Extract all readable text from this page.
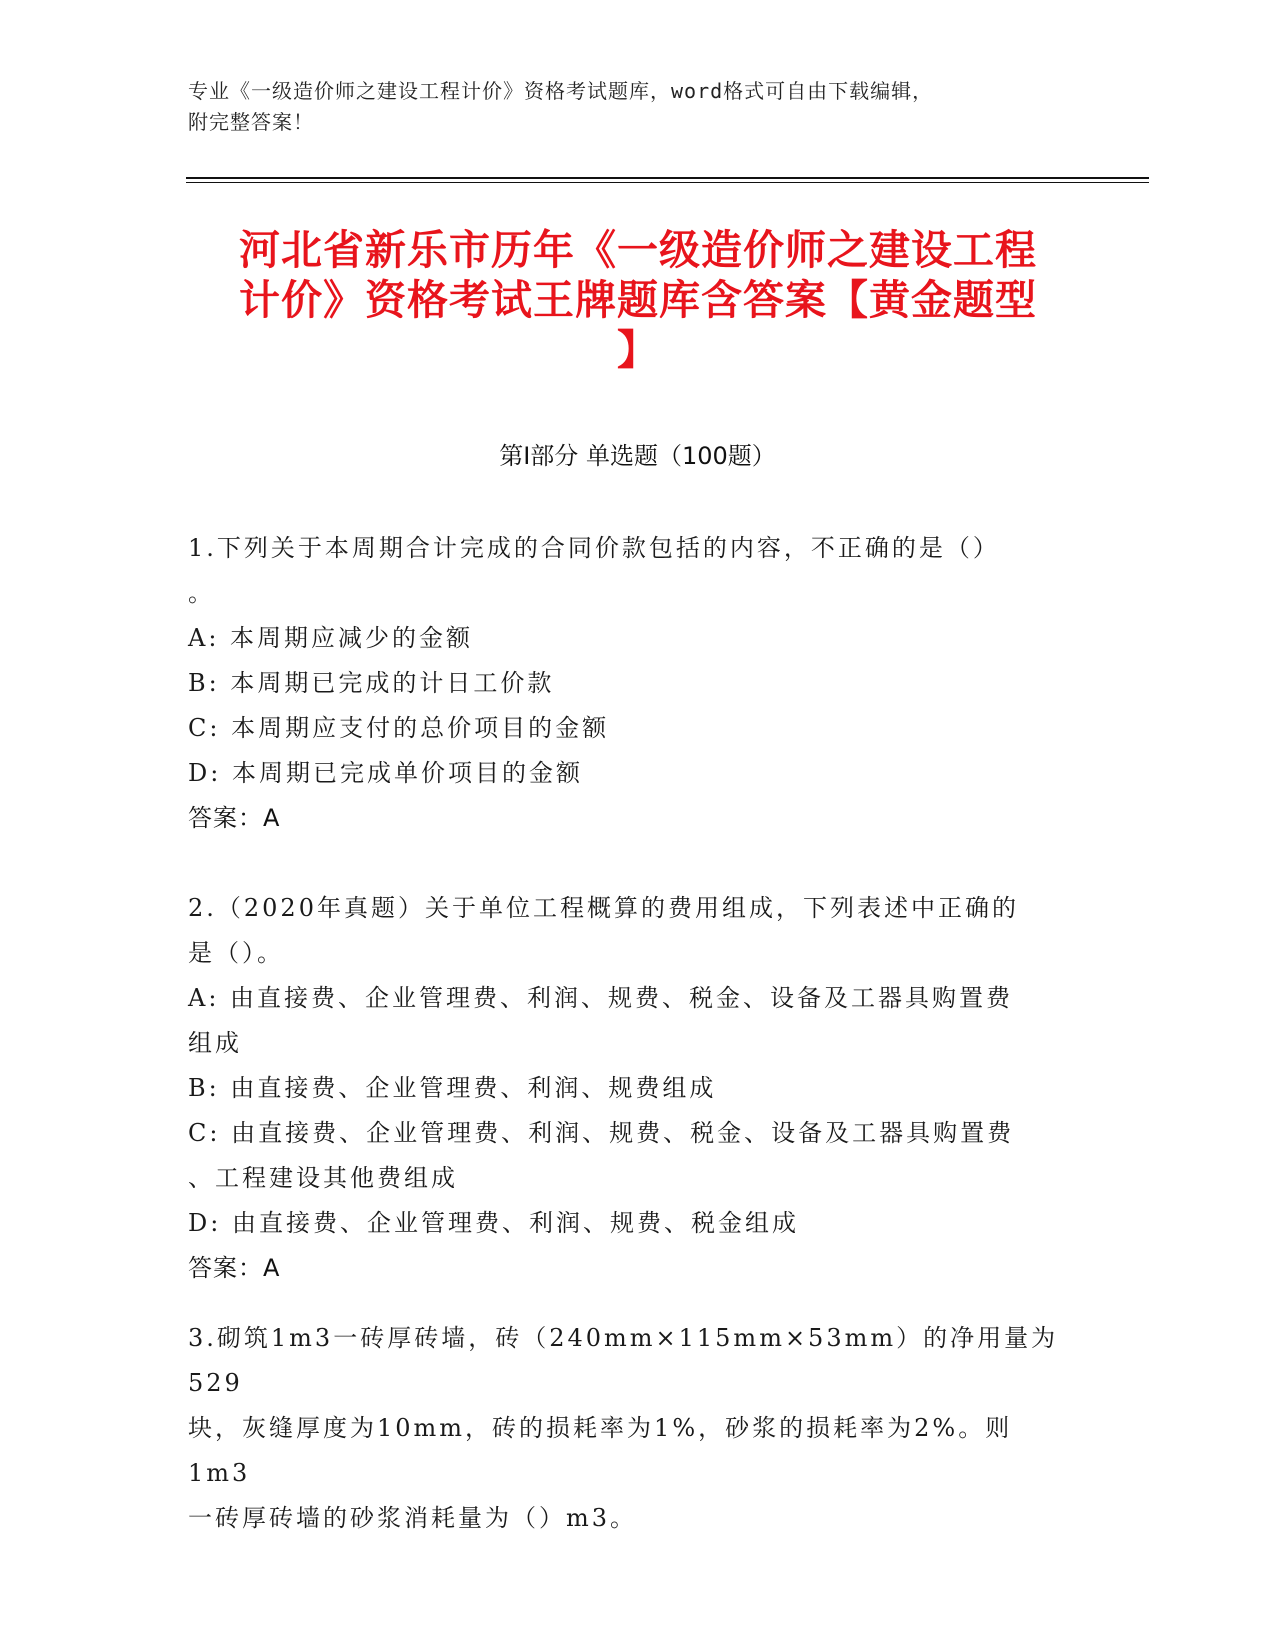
专业《一级造价师之建设工程计价》资格考试题库，word格式可自由下载编辑，
附完整答案！
河北省新乐市历年《一级造价师之建设工程
计价》资格考试王牌题库含答案【黄金题型
】
第Ⅰ部分 单选题（100题）

1.下列关于本周期合计完成的合同价款包括的内容，不正确的是（）

。

A: 本周期应减少的金额

B: 本周期已完成的计日工价款

C: 本周期应支付的总价项目的金额

D: 本周期已完成单价项目的金额

答案：A

2.（2020年真题）关于单位工程概算的费用组成，下列表述中正确的

是（）。

A: 由直接费、企业管理费、利润、规费、税金、设备及工器具购置费

组成

B: 由直接费、企业管理费、利润、规费组成

C: 由直接费、企业管理费、利润、规费、税金、设备及工器具购置费

、工程建设其他费组成

D: 由直接费、企业管理费、利润、规费、税金组成

答案：A

3.砌筑1m3一砖厚砖墙，砖（240mm×115mm×53mm）的净用量为529

块，灰缝厚度为10mm，砖的损耗率为1%，砂浆的损耗率为2%。则1m3

一砖厚砖墙的砂浆消耗量为（）m3。
